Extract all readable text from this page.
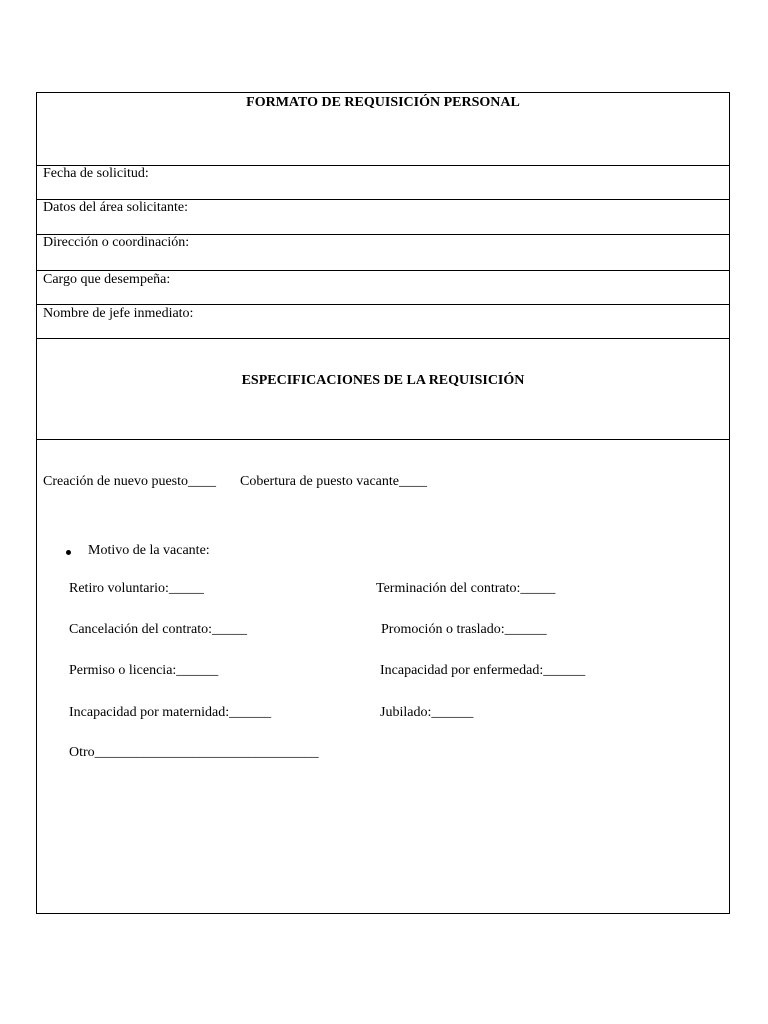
FORMATO DE REQUISICIÓN PERSONAL
Fecha de solicitud:
Datos del área solicitante:
Dirección o coordinación:
Cargo que desempeña:
Nombre de jefe inmediato:
ESPECIFICACIONES DE LA REQUISICIÓN
Creación de nuevo puesto____ Cobertura de puesto vacante____
Motivo de la vacante:
Retiro voluntario:_____	Terminación del contrato:_____
Cancelación del contrato:_____	Promoción o traslado:______
Permiso o licencia:______	Incapacidad por enfermedad:______
Incapacidad por maternidad:______	Jubilado:______
Otro________________________________
